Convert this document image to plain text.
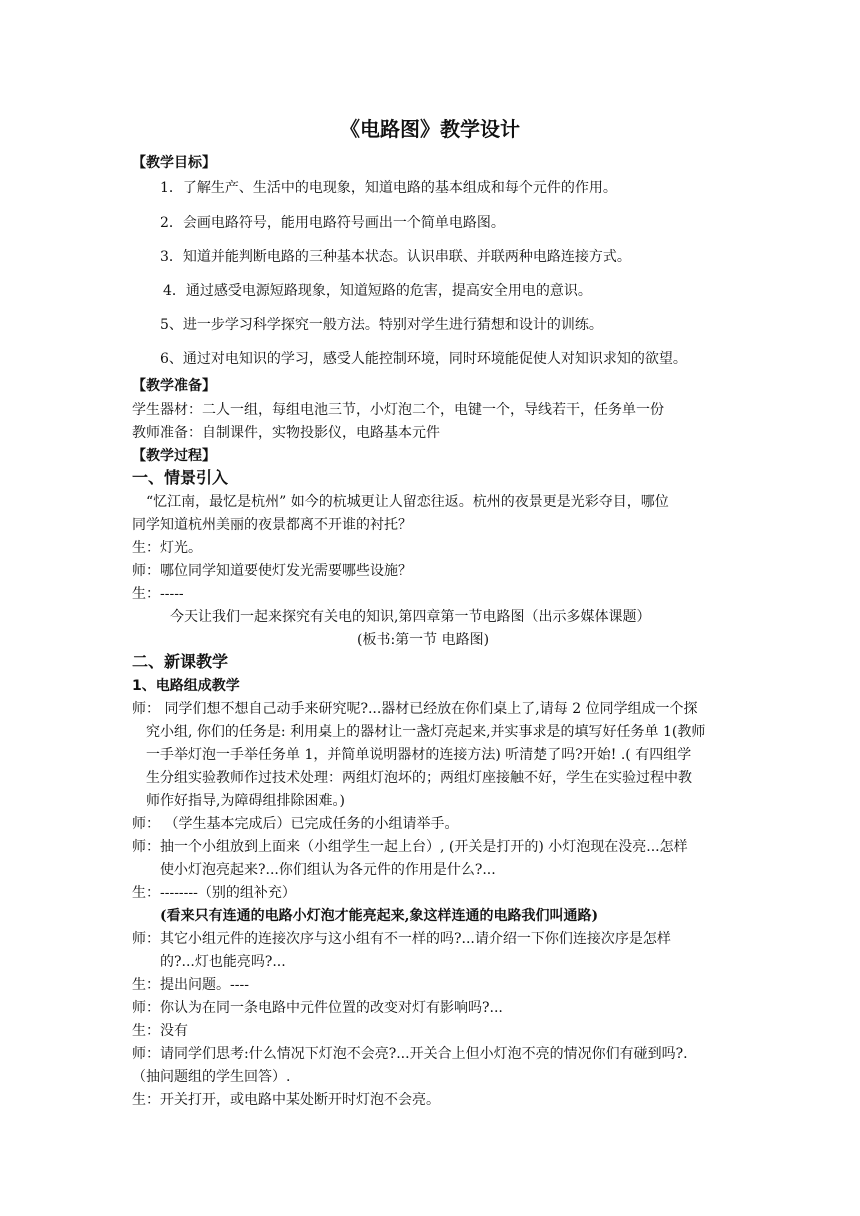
《电路图》教学设计
【教学目标】
1．了解生产、生活中的电现象，知道电路的基本组成和每个元件的作用。
2．会画电路符号，能用电路符号画出一个简单电路图。
3．知道并能判断电路的三种基本状态。认识串联、并联两种电路连接方式。
4．通过感受电源短路现象，知道短路的危害，提高安全用电的意识。
5、进一步学习科学探究一般方法。特别对学生进行猜想和设计的训练。
6、通过对电知识的学习，感受人能控制环境，同时环境能促使人对知识求知的欲望。
【教学准备】
学生器材：二人一组，每组电池三节，小灯泡二个，电键一个，导线若干，任务单一份
教师准备：自制课件，实物投影仪，电路基本元件
【教学过程】
一、情景引入
“忆江南，最忆是杭州” 如今的杭城更让人留恋往返。杭州的夜景更是光彩夺目，哪位
同学知道杭州美丽的夜景都离不开谁的衬托？
生：灯光。
师：哪位同学知道要使灯发光需要哪些设施？
生：-----
今天让我们一起来探究有关电的知识,第四章第一节电路图（出示多媒体课题）
(板书:第一节 电路图)
二、新课教学
1、电路组成教学
师： 同学们想不想自己动手来研究呢?...器材已经放在你们桌上了,请每 2 位同学组成一个探
究小组, 你们的任务是: 利用桌上的器材让一盏灯亮起来,并实事求是的填写好任务单 1(教师
一手举灯泡一手举任务单 1，并简单说明器材的连接方法) 听清楚了吗?开始! .( 有四组学
生分组实验教师作过技术处理：两组灯泡坏的；两组灯座接触不好，学生在实验过程中教
师作好指导,为障碍组排除困难。)
师： （学生基本完成后）已完成任务的小组请举手。
师：抽一个小组放到上面来（小组学生一起上台）, (开关是打开的) 小灯泡现在没亮...怎样
使小灯泡亮起来?...你们组认为各元件的作用是什么?...
生：--------（别的组补充）
(看来只有连通的电路小灯泡才能亮起来,象这样连通的电路我们叫通路)
师：其它小组元件的连接次序与这小组有不一样的吗?...请介绍一下你们连接次序是怎样
的?...灯也能亮吗?...
生：提出问题。----
师：你认为在同一条电路中元件位置的改变对灯有影响吗?...
生：没有
师：请同学们思考:什么情况下灯泡不会亮?...开关合上但小灯泡不亮的情况你们有碰到吗?.
（抽问题组的学生回答）.
生：开关打开，或电路中某处断开时灯泡不会亮。
